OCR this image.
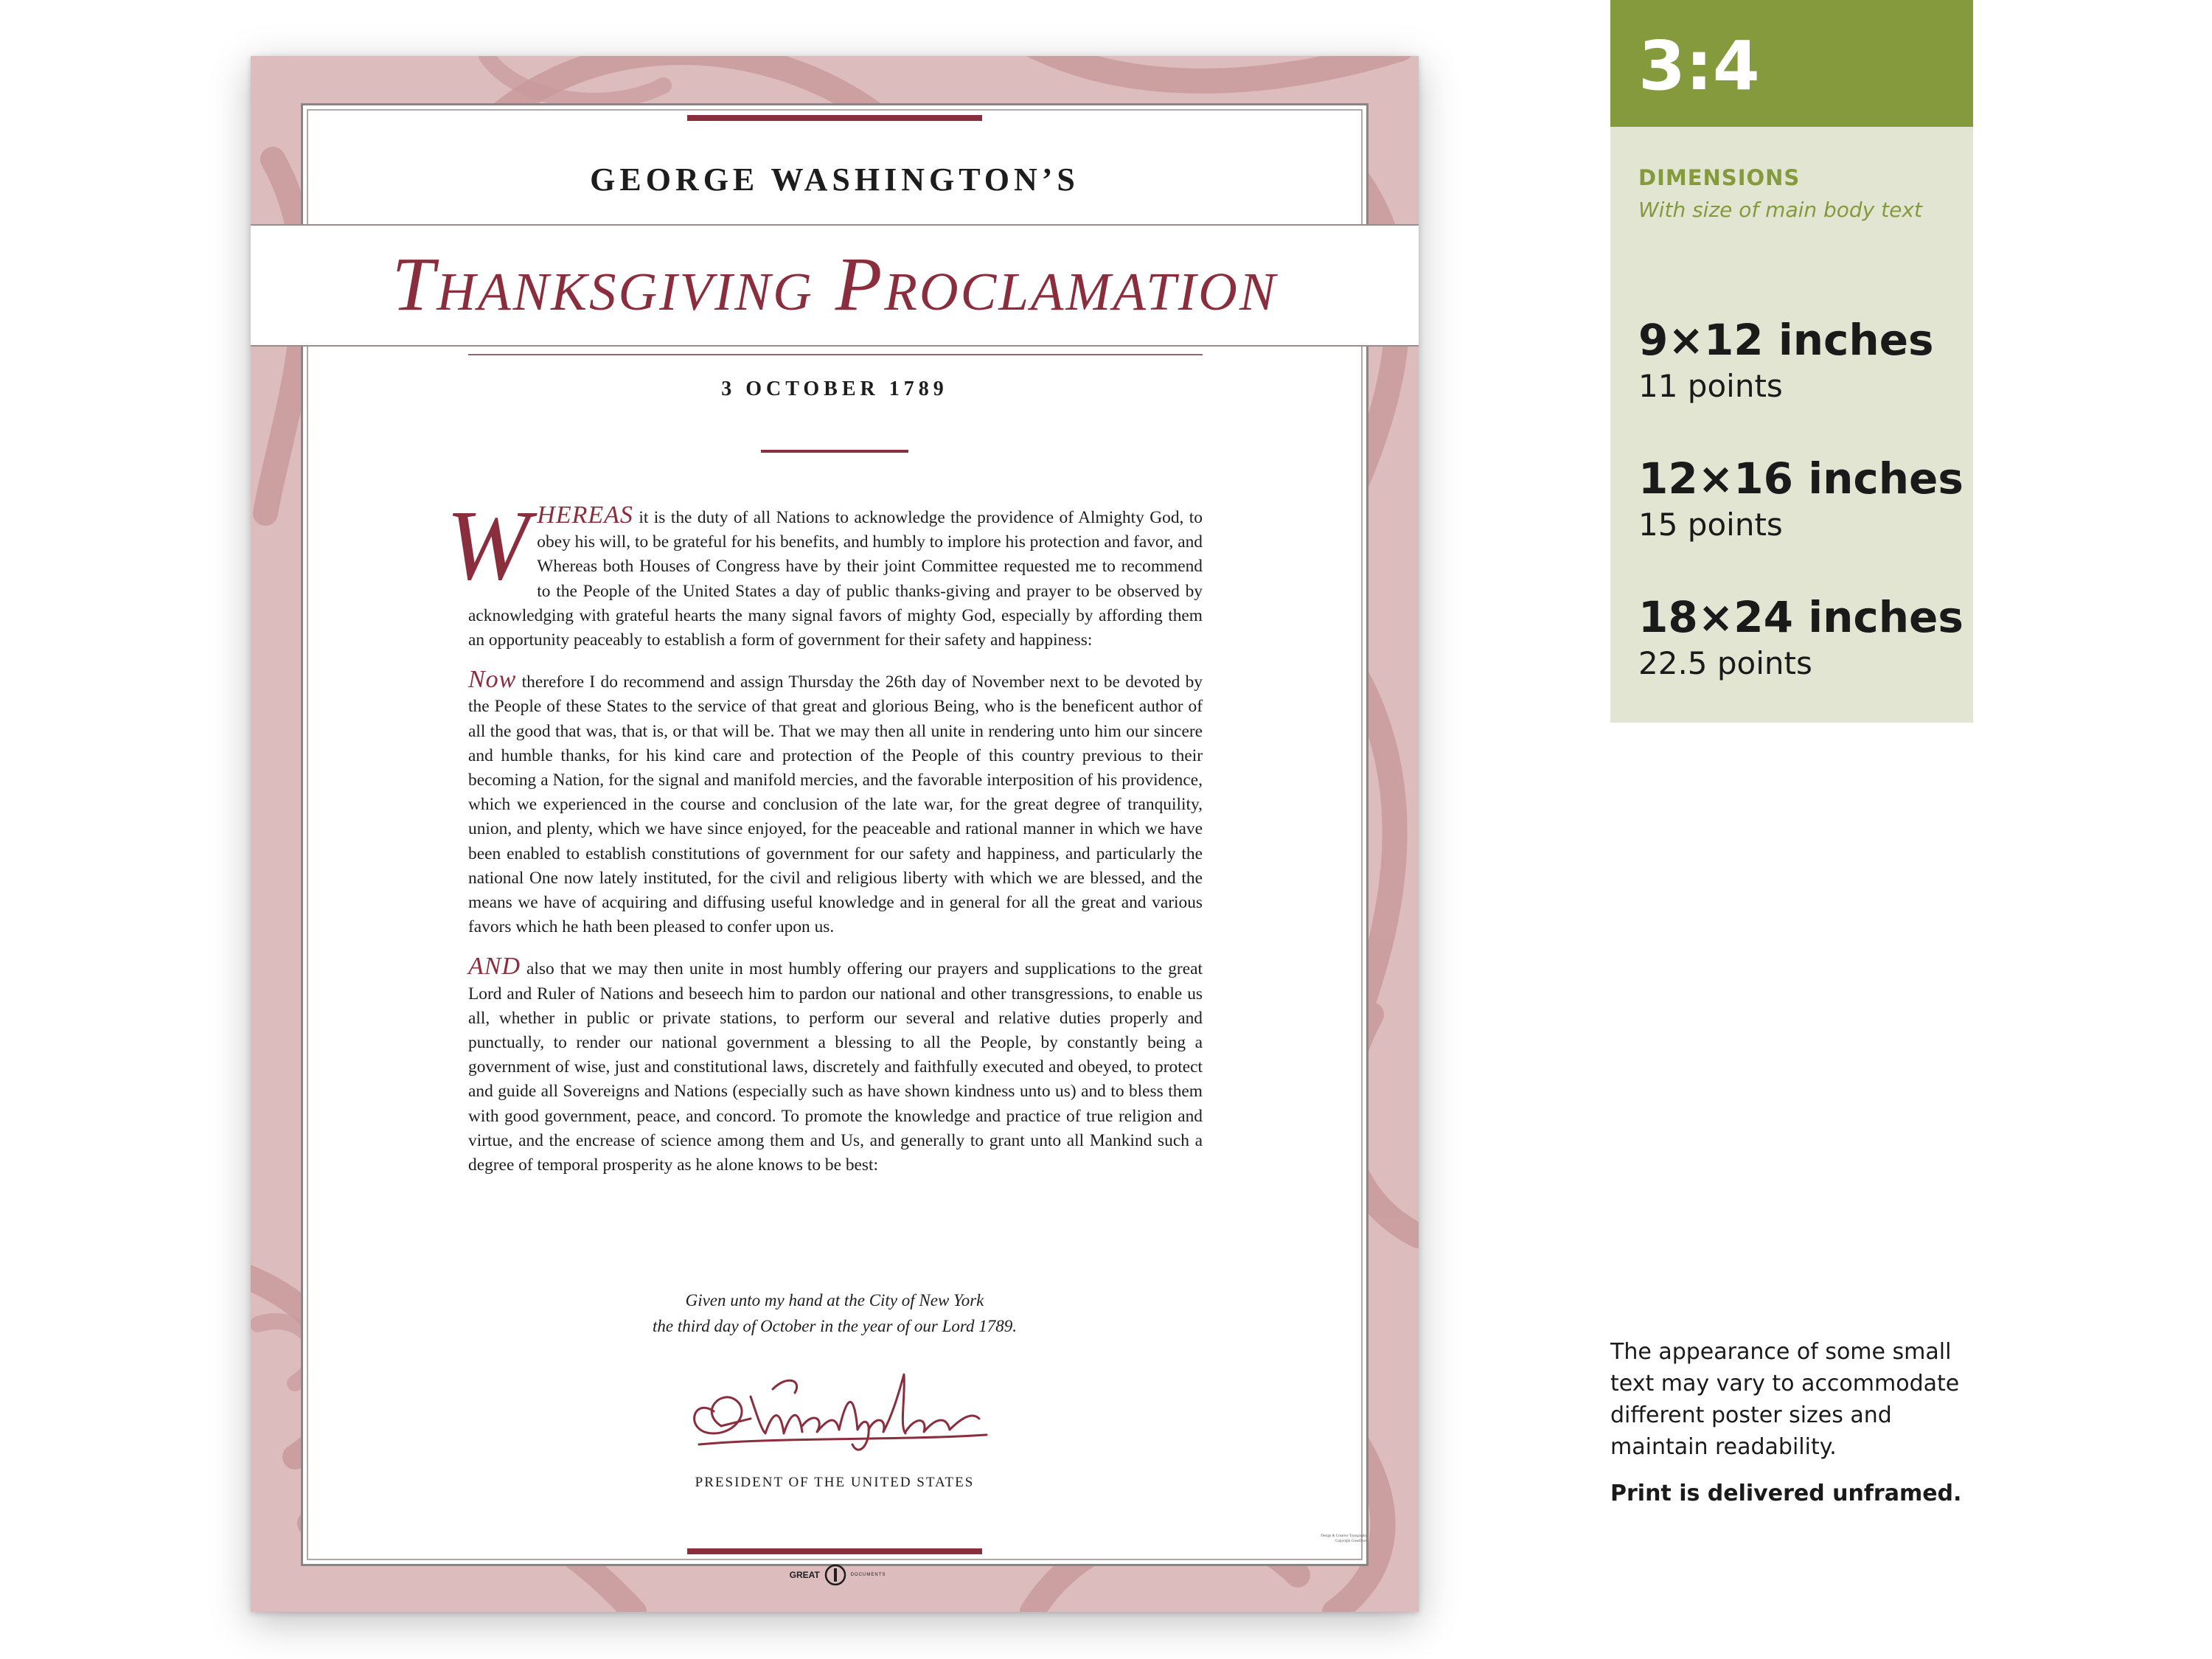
GEORGE WASHINGTON’S
Thanksgiving Proclamation
3 OCTOBER 1789

WHEREAS it is the duty of all Nations to acknowledge the providence of Almighty God, to obey his will, to be grateful for his benefits, and humbly to implore his protection and favor, and Whereas both Houses of Congress have by their joint Committee requested me to recommend to the People of the United States a day of public thanks-giving and prayer to be observed by acknowledging with grateful hearts the many signal favors of mighty God, especially by affording them an opportunity peaceably to establish a form of government for their safety and happiness:

Now therefore I do recommend and assign Thursday the 26th day of November next to be devoted by the People of these States to the service of that great and glorious Being, who is the beneficent author of all the good that was, that is, or that will be. That we may then all unite in rendering unto him our sincere and humble thanks, for his kind care and protection of the People of this country previous to their becoming a Nation, for the signal and manifold mercies, and the favorable interposition of his providence, which we experienced in the course and conclusion of the late war, for the great degree of tranquility, union, and plenty, which we have since enjoyed, for the peaceable and rational manner in which we have been enabled to establish constitutions of government for our safety and happiness, and particularly the national One now lately instituted, for the civil and religious liberty with which we are blessed, and the means we have of acquiring and diffusing useful knowledge and in general for all the great and various favors which he hath been pleased to confer upon us.

AND also that we may then unite in most humbly offering our prayers and supplications to the great Lord and Ruler of Nations and beseech him to pardon our national and other transgressions, to enable us all, whether in public or private stations, to perform our several and relative duties properly and punctually, to render our national government a blessing to all the People, by constantly being a government of wise, just and constitutional laws, discretely and faithfully executed and obeyed, to protect and guide all Sovereigns and Nations (especially such as have shown kindness unto us) and to bless them with good government, peace, and concord. To promote the knowledge and practice of true religion and virtue, and the encrease of science among them and Us, and generally to grant unto all Mankind such a degree of temporal prosperity as he alone knows to be best:

Given unto my hand at the City of New York
the third day of October in the year of our Lord 1789.
PRESIDENT OF THE UNITED STATES
Design & Creative Typography
Copyright GreatDocs
GREAT	DOCUMENTS
3:4
DIMENSIONS
With size of main body text
9×12 inches
11 points
12×16 inches
15 points
18×24 inches
22.5 points
The appearance of some small text may vary to accommodate different poster sizes and maintain readability.
Print is delivered unframed.
